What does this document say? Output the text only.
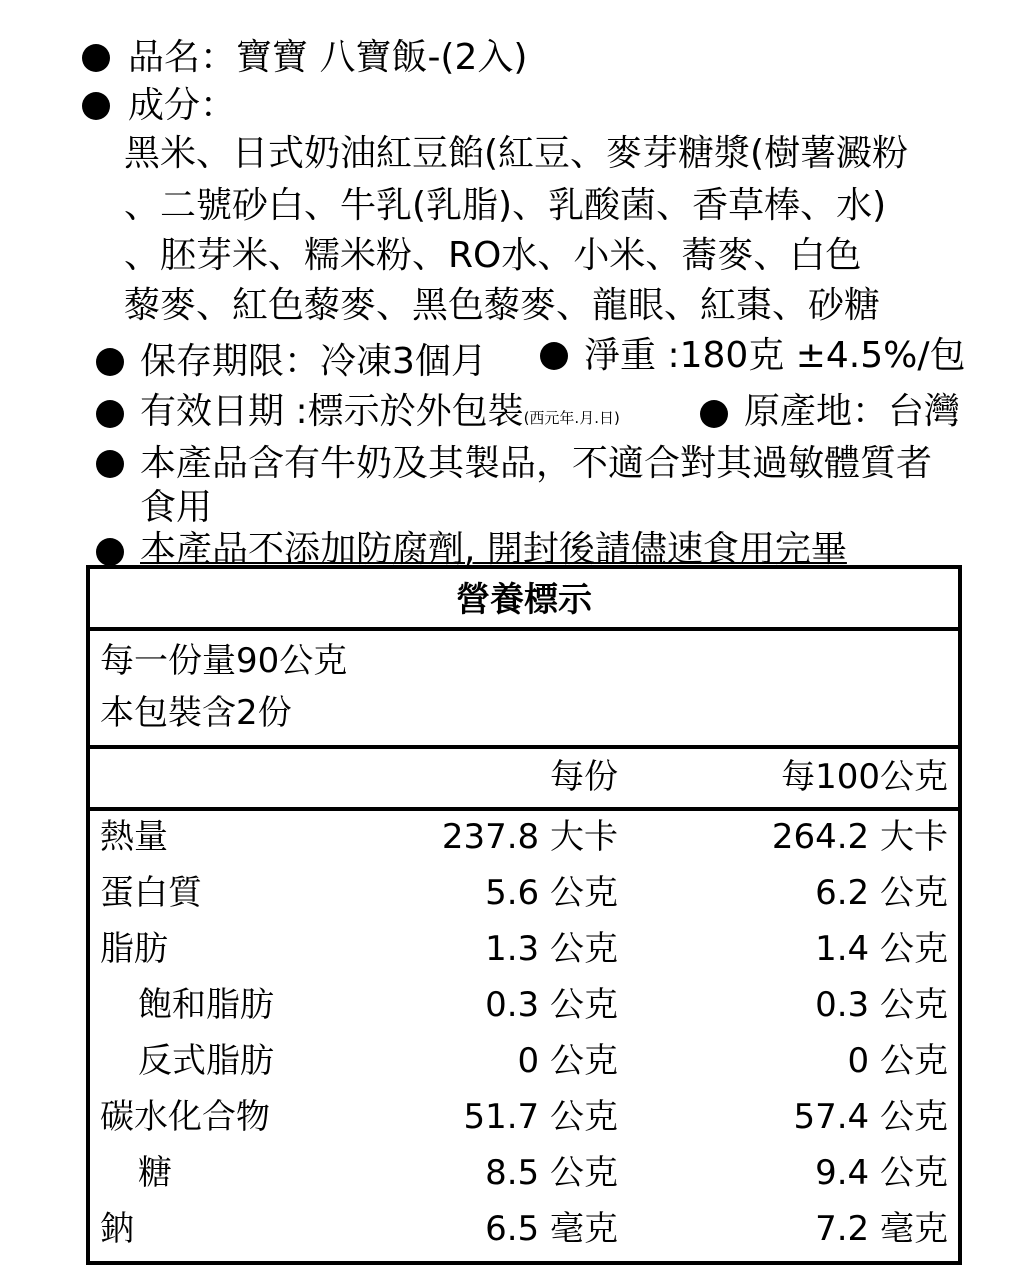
品名：寶寶 八寶飯-(2入)
成分：
黑米、日式奶油紅豆餡(紅豆、麥芽糖漿(樹薯澱粉
、二號砂白、牛乳(乳脂)、乳酸菌、香草棒、水)
、胚芽米、糯米粉、RO水、小米、蕎麥、白色
藜麥、紅色藜麥、黑色藜麥、龍眼、紅棗、砂糖
保存期限：冷凍3個月	淨重 :180克 ±4.5%/包
有效日期 :標示於外包裝(西元年.月.日)	原產地：台灣
本產品含有牛奶及其製品，不適合對其過敏體質者
食用
本產品不添加防腐劑, 開封後請儘速食用完畢
營養標示
每一份量90公克
本包裝含2份
每份	每100公克
熱量	237.8 大卡	264.2 大卡
蛋白質	5.6 公克	6.2 公克
脂肪	1.3 公克	1.4 公克
飽和脂肪	0.3 公克	0.3 公克
反式脂肪	0 公克	0 公克
碳水化合物	51.7 公克	57.4 公克
糖	8.5 公克	9.4 公克
鈉	6.5 毫克	7.2 毫克
